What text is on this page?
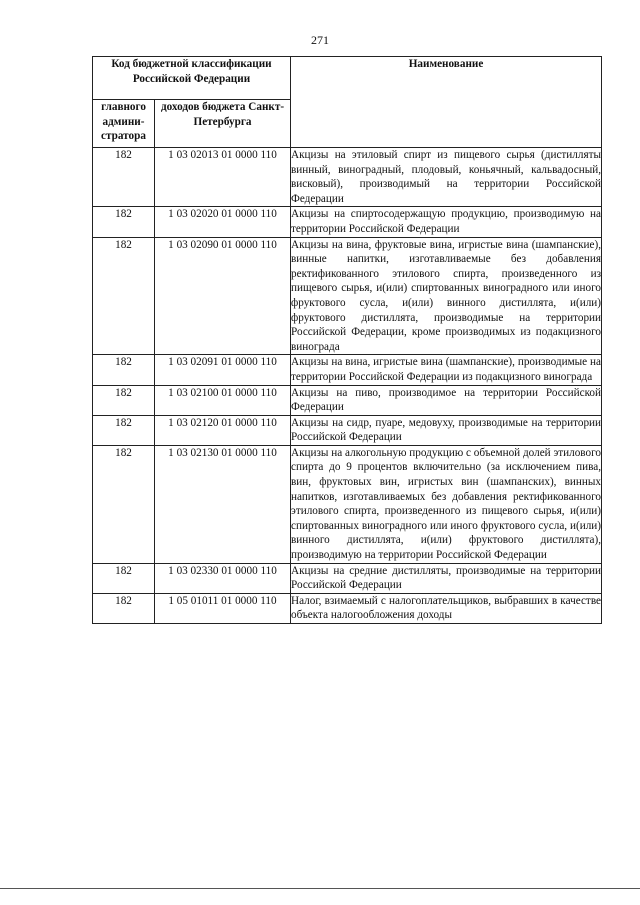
271
Код бюджетной классификации Российской Федерации		Наименование
главного админи-стратора	доходов бюджета Санкт-Петербурга	
182	1 03 02013 01 0000 110	Акцизы на этиловый спирт из пищевого сырья (дистилляты винный, виноградный, плодовый, коньячный, кальвадосный, висковый), производимый на территории Российской Федерации
182	1 03 02020 01 0000 110	Акцизы на спиртосодержащую продукцию, производимую на территории Российской Федерации
182	1 03 02090 01 0000 110	Акцизы на вина, фруктовые вина, игристые вина (шампанские), винные напитки, изготавливаемые без добавления ректификованного этилового спирта, произведенного из пищевого сырья, и(или) спиртованных виноградного или иного фруктового сусла, и(или) винного дистиллята, и(или) фруктового дистиллята, производимые на территории Российской Федерации, кроме производимых из подакцизного винограда
182	1 03 02091 01 0000 110	Акцизы на вина, игристые вина (шампанские), производимые на территории Российской Федерации из подакцизного винограда
182	1 03 02100 01 0000 110	Акцизы на пиво, производимое на территории Российской Федерации
182	1 03 02120 01 0000 110	Акцизы на сидр, пуаре, медовуху, производимые на территории Российской Федерации
182	1 03 02130 01 0000 110	Акцизы на алкогольную продукцию с объемной долей этилового спирта до 9 процентов включительно (за исключением пива, вин, фруктовых вин, игристых вин (шампанских), винных напитков, изготавливаемых без добавления ректификованного этилового спирта, произведенного из пищевого сырья, и(или) спиртованных виноградного или иного фруктового сусла, и(или) винного дистиллята, и(или) фруктового дистиллята), производимую на территории Российской Федерации
182	1 03 02330 01 0000 110	Акцизы на средние дистилляты, производимые на территории Российской Федерации
182	1 05 01011 01 0000 110	Налог, взимаемый с налогоплательщиков, выбравших в качестве объекта налогообложения доходы
